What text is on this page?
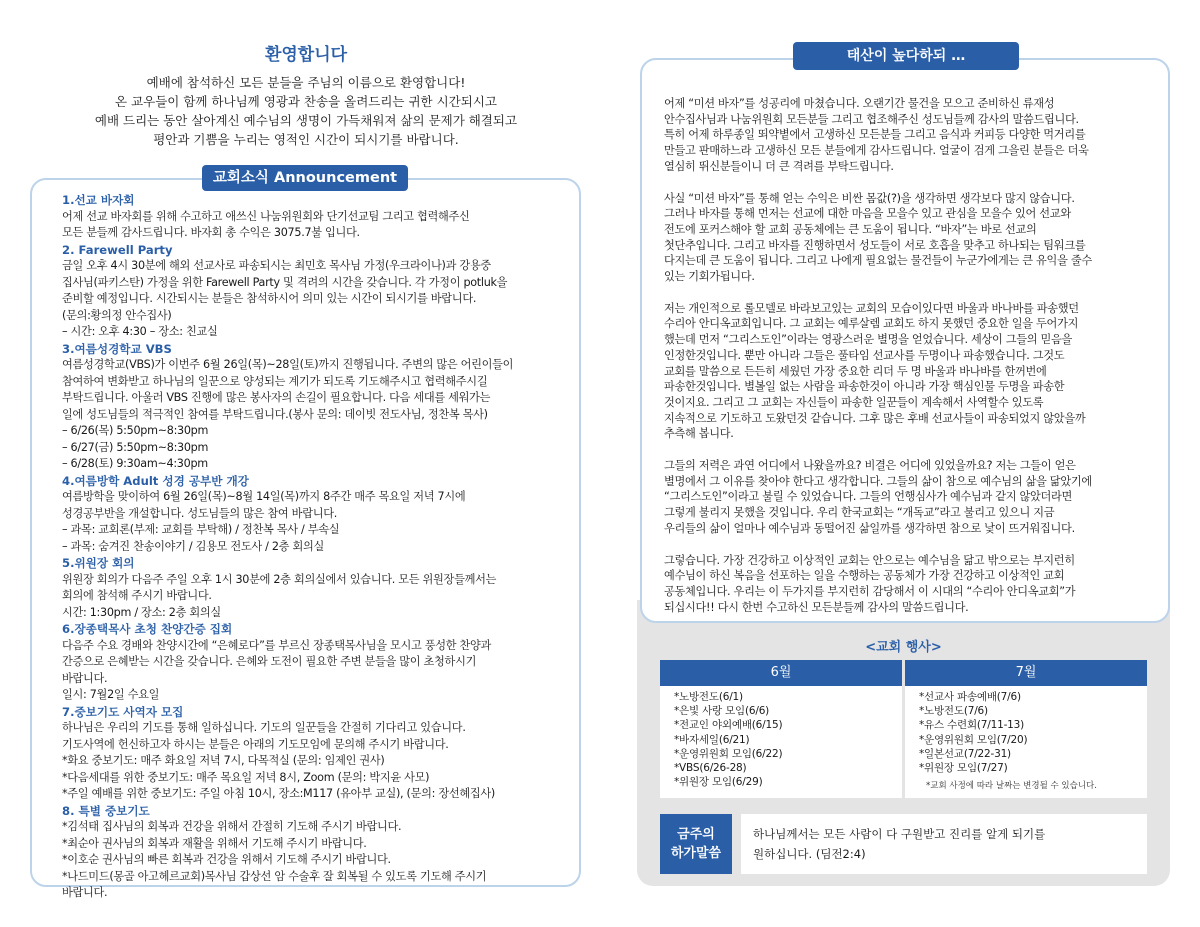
환영합니다
예배에 참석하신 모든 분들을 주님의 이름으로 환영합니다!
온 교우들이 함께 하나님께 영광과 찬송을 올려드리는 귀한 시간되시고
예배 드리는 동안 살아계신 예수님의 생명이 가득채워져 삶의 문제가 해결되고
평안과 기쁨을 누리는 영적인 시간이 되시기를 바랍니다.
1.선교 바자회
어제 선교 바자회를 위해 수고하고 애쓰신 나눔위원회와 단기선교팀 그리고 협력해주신
모든 분들께 감사드립니다. 바자회 총 수익은 3075.7불 입니다.
2. Farewell Party
금일 오후 4시 30분에 해외 선교사로 파송되시는 최민호 목사님 가정(우크라이나)과 강용중
집사님(파키스탄) 가정을 위한 Farewell Party 및 격려의 시간을 갖습니다. 각 가정이 potluk을
준비할 예정입니다. 시간되시는 분들은 참석하시어 의미 있는 시간이 되시기를 바랍니다.
(문의:황의정 안수집사)
– 시간: 오후 4:30 – 장소: 친교실
3.여름성경학교 VBS
여름성경학교(VBS)가 이번주 6월 26일(목)~28일(토)까지 진행됩니다. 주변의 많은 어린이들이
참여하여 변화받고 하나님의 일꾼으로 양성되는 계기가 되도록 기도해주시고 협력해주시길
부탁드립니다. 아울러 VBS 진행에 많은 봉사자의 손길이 필요합니다. 다음 세대를 세워가는
일에 성도님들의 적극적인 참여를 부탁드립니다.(봉사 문의: 데이빗 전도사님, 정찬복 목사)
– 6/26(목) 5:50pm~8:30pm
– 6/27(금) 5:50pm~8:30pm
– 6/28(토) 9:30am~4:30pm
4.여름방학 Adult 성경 공부반 개강
여름방학을 맞이하여 6월 26일(목)~8월 14일(목)까지 8주간 매주 목요일 저녁 7시에
성경공부반을 개설합니다. 성도님들의 많은 참여 바랍니다.
– 과목: 교회론(부제: 교회를 부탁해) / 정찬복 목사 / 부속실
– 과목: 숨겨진 찬송이야기 / 김용모 전도사 / 2층 회의실
5.위원장 회의
위원장 회의가 다음주 주일 오후 1시 30분에 2층 회의실에서 있습니다. 모든 위원장들께서는
회의에 참석해 주시기 바랍니다.
시간: 1:30pm / 장소: 2층 회의실
6.장종택목사 초청 찬양간증 집회
다음주 수요 경배와 찬양시간에 “은혜로다”를 부르신 장종택목사님을 모시고 풍성한 찬양과
간증으로 은혜받는 시간을 갖습니다. 은혜와 도전이 필요한 주변 분들을 많이 초청하시기
바랍니다.
일시: 7월2일 수요일
7.중보기도 사역자 모집
하나님은 우리의 기도를 통해 일하십니다. 기도의 일꾼들을 간절히 기다리고 있습니다.
기도사역에 헌신하고자 하시는 분들은 아래의 기도모임에 문의해 주시기 바랍니다.
*화요 중보기도: 매주 화요일 저녁 7시, 다목적실 (문의: 임제인 권사)
*다음세대를 위한 중보기도: 매주 목요일 저녁 8시, Zoom (문의: 박지윤 사모)
*주일 예배를 위한 중보기도: 주일 아침 10시, 장소:M117 (유아부 교실), (문의: 장선혜집사)
8. 특별 중보기도
*김석태 집사님의 회복과 건강을 위해서 간절히 기도해 주시기 바랍니다.
*최순아 권사님의 회복과 재활을 위해서 기도해 주시기 바랍니다.
*이호순 권사님의 빠른 회복과 건강을 위해서 기도해 주시기 바랍니다.
*나드미드(몽골 아고헤르교회)목사님 갑상선 암 수술후 잘 회복될 수 있도록 기도해 주시기
바랍니다.
교회소식 Announcement
어제 “미션 바자”를 성공리에 마쳤습니다. 오랜기간 물건을 모으고 준비하신 류재성
안수집사님과 나눔위원회 모든분들 그리고 협조해주신 성도님들께 감사의 말씀드립니다.
특히 어제 하루종일 뙤약볕에서 고생하신 모든분들 그리고 음식과 커피등 다양한 먹거리를
만들고 판매하느라 고생하신 모든 분들에게 감사드립니다. 얼굴이 검게 그을린 분들은 더욱
열심히 뛰신분들이니 더 큰 격려를 부탁드립니다.
사실 “미션 바자”를 통해 얻는 수익은 비싼 몸값(?)을 생각하면 생각보다 많지 않습니다.
그러나 바자를 통해 먼저는 선교에 대한 마음을 모을수 있고 관심을 모을수 있어 선교와
전도에 포커스해야 할 교회 공동체에는 큰 도움이 됩니다. “바자”는 바로 선교의
첫단추입니다. 그리고 바자를 진행하면서 성도들이 서로 호흡을 맞추고 하나되는 팀워크를
다지는데 큰 도움이 됩니다. 그리고 나에게 필요없는 물건들이 누군가에게는 큰 유익을 줄수
있는 기회가됩니다.
저는 개인적으로 롤모델로 바라보고있는 교회의 모습이있다면 바울과 바나바를 파송했던
수리아 안디옥교회입니다. 그 교회는 예루살렘 교회도 하지 못했던 중요한 일을 두어가지
했는데 먼저 “그리스도인”이라는 영광스러운 별명을 얻었습니다. 세상이 그들의 믿음을
인정한것입니다. 뿐만 아니라 그들은 풀타임 선교사를 두명이나 파송했습니다. 그것도
교회를 말씀으로 든든히 세웠던 가장 중요한 리더 두 명 바울과 바나바를 한꺼번에
파송한것입니다. 별볼일 없는 사람을 파송한것이 아니라 가장 핵심인물 두명을 파송한
것이지요. 그리고 그 교회는 자신들이 파송한 일꾼들이 계속해서 사역할수 있도록
지속적으로 기도하고 도왔던것 같습니다. 그후 많은 후배 선교사들이 파송되었지 않았을까
추측해 봅니다.
그들의 저력은 과연 어디에서 나왔을까요? 비결은 어디에 있었을까요? 저는 그들이 얻은
별명에서 그 이유를 찾아야 한다고 생각합니다. 그들의 삶이 참으로 예수님의 삶을 닮았기에
“그리스도인”이라고 불릴 수 있었습니다. 그들의 언행심사가 예수님과 같지 않았더라면
그렇게 불리지 못했을 것입니다. 우리 한국교회는 “개독교”라고 불리고 있으니 지금
우리들의 삶이 얼마나 예수님과 동떨어진 삶일까를 생각하면 참으로 낯이 뜨거워집니다.
그렇습니다. 가장 건강하고 이상적인 교회는 안으로는 예수님을 닮고 밖으로는 부지런히
예수님이 하신 복음을 선포하는 일을 수행하는 공동체가 가장 건강하고 이상적인 교회
공동체입니다. 우리는 이 두가지를 부지런히 감당해서 이 시대의 “수리아 안디옥교회”가
되십시다!! 다시 한번 수고하신 모든분들께 감사의 말씀드립니다.
태산이 높다하되 …
<교회 행사>
6월
*노방전도(6/1)
*은빛 사랑 모임(6/6)
*전교인 야외예배(6/15)
*바자세일(6/21)
*운영위원회 모임(6/22)
*VBS(6/26-28)
*위원장 모임(6/29)
7월
*선교사 파송예배(7/6)
*노방전도(7/6)
*유스 수련회(7/11-13)
*운영위원회 모임(7/20)
*일본선교(7/22-31)
*위원장 모임(7/27)
*교회 사정에 따라 날짜는 변경될 수 있습니다.
금주의
하가말씀
하나님께서는 모든 사람이 다 구원받고 진리를 알게 되기를
원하십니다. (딤전2:4)
